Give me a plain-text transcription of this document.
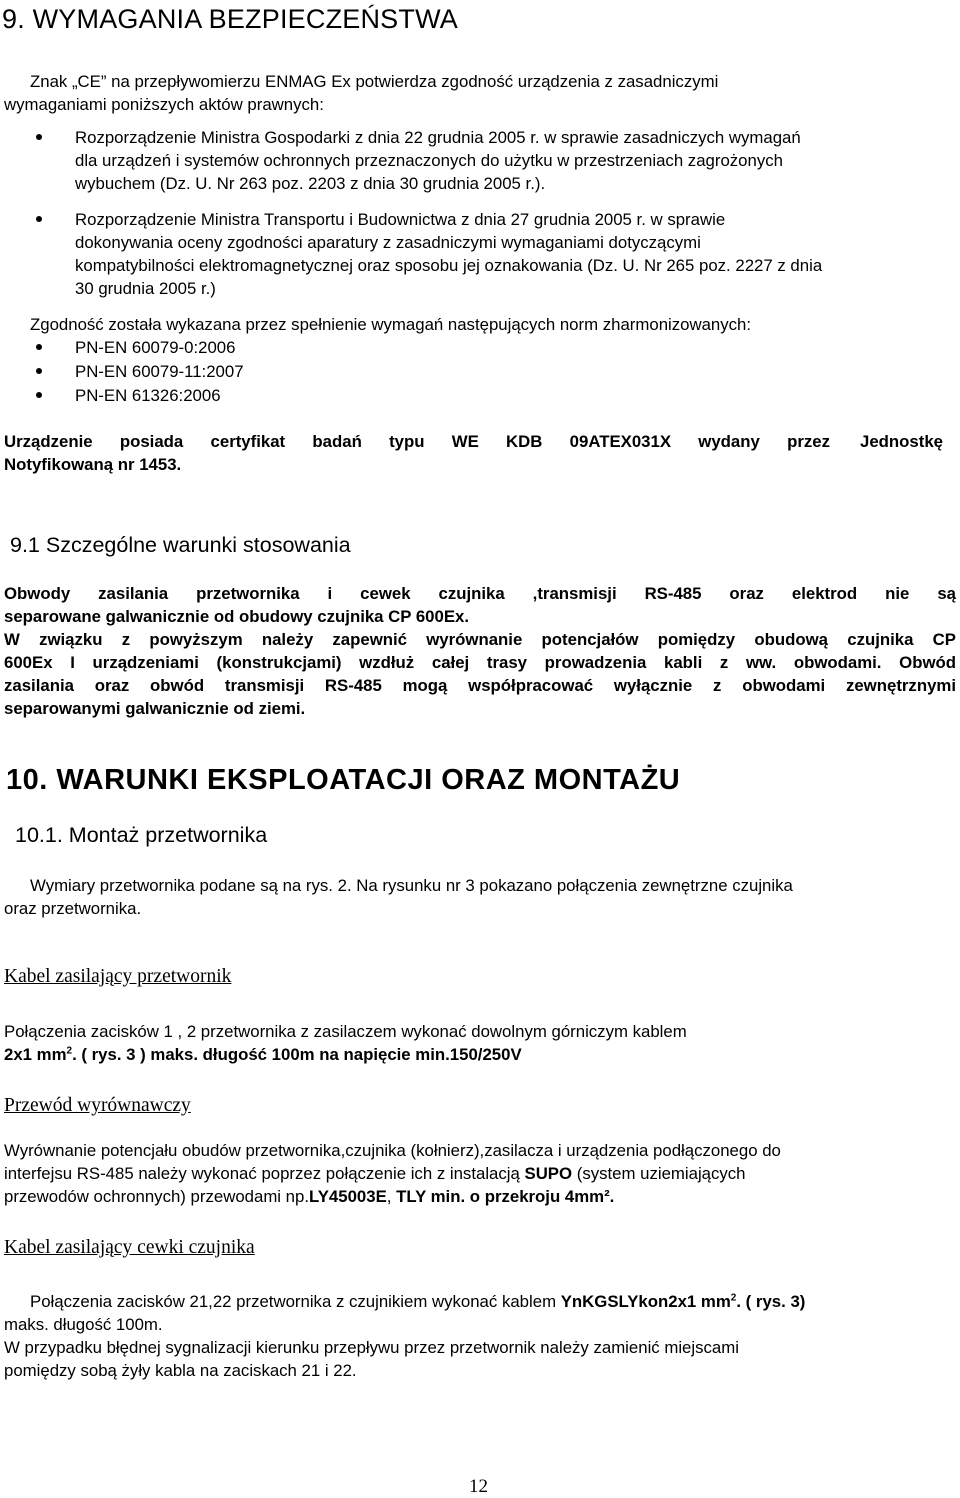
9. WYMAGANIA BEZPIECZEŃSTWA
Znak „CE” na przepływomierzu ENMAG Ex potwierdza zgodność urządzenia z zasadniczymi
wymaganiami poniższych aktów prawnych:
Rozporządzenie Ministra Gospodarki z dnia 22 grudnia 2005 r. w sprawie zasadniczych wymagań
dla urządzeń i systemów ochronnych przeznaczonych do użytku w przestrzeniach zagrożonych
wybuchem (Dz. U. Nr 263 poz. 2203 z dnia 30 grudnia 2005 r.).
Rozporządzenie Ministra Transportu i Budownictwa z dnia 27 grudnia 2005 r. w sprawie
dokonywania oceny zgodności aparatury z zasadniczymi wymaganiami dotyczącymi
kompatybilności elektromagnetycznej oraz sposobu jej oznakowania (Dz. U. Nr 265 poz. 2227 z dnia
30 grudnia 2005 r.)
Zgodność została wykazana przez spełnienie wymagań następujących norm zharmonizowanych:
PN-EN 60079-0:2006
PN-EN 60079-11:2007
PN-EN 61326:2006
Urządzenie posiada certyfikat badań typu WE KDB 09ATEX031X wydany przez Jednostkę
Notyfikowaną nr 1453.
9.1 Szczególne warunki stosowania
Obwody zasilania przetwornika i cewek czujnika ,transmisji RS-485 oraz elektrod nie są
separowane galwanicznie od obudowy czujnika CP 600Ex.
W związku z powyższym należy zapewnić wyrównanie potencjałów pomiędzy obudową czujnika CP
600Ex I urządzeniami (konstrukcjami) wzdłuż całej trasy prowadzenia kabli z ww. obwodami. Obwód
zasilania oraz obwód transmisji RS-485 mogą współpracować wyłącznie z obwodami zewnętrznymi
separowanymi galwanicznie od ziemi.
10. WARUNKI EKSPLOATACJI ORAZ MONTAŻU
10.1. Montaż przetwornika
Wymiary przetwornika podane są na rys. 2. Na rysunku nr 3 pokazano połączenia zewnętrzne czujnika
oraz przetwornika.
Kabel zasilający przetwornik
Połączenia zacisków 1 , 2 przetwornika z zasilaczem wykonać dowolnym górniczym kablem
2x1 $mm^2$. ( rys. 3 ) maks. długość 100m na napięcie min.150/250V
Przewód wyrównawczy
Wyrównanie potencjału obudów przetwornika,czujnika (kołnierz),zasilacza i urządzenia podłączonego do
interfejsu RS-485 należy wykonać poprzez połączenie ich z instalacją SUPO (system uziemiających
przewodów ochronnych) przewodami np.LY45003E, TLY min. o przekroju 4mm².
Kabel zasilający cewki czujnika
Połączenia zacisków 21,22 przetwornika z czujnikiem wykonać kablem YnKGSLYkon2x1 $mm^2$. ( rys. 3)
maks. długość 100m.
W przypadku błędnej sygnalizacji kierunku przepływu przez przetwornik należy zamienić miejscami
pomiędzy sobą żyły kabla na zaciskach 21 i 22.
12
